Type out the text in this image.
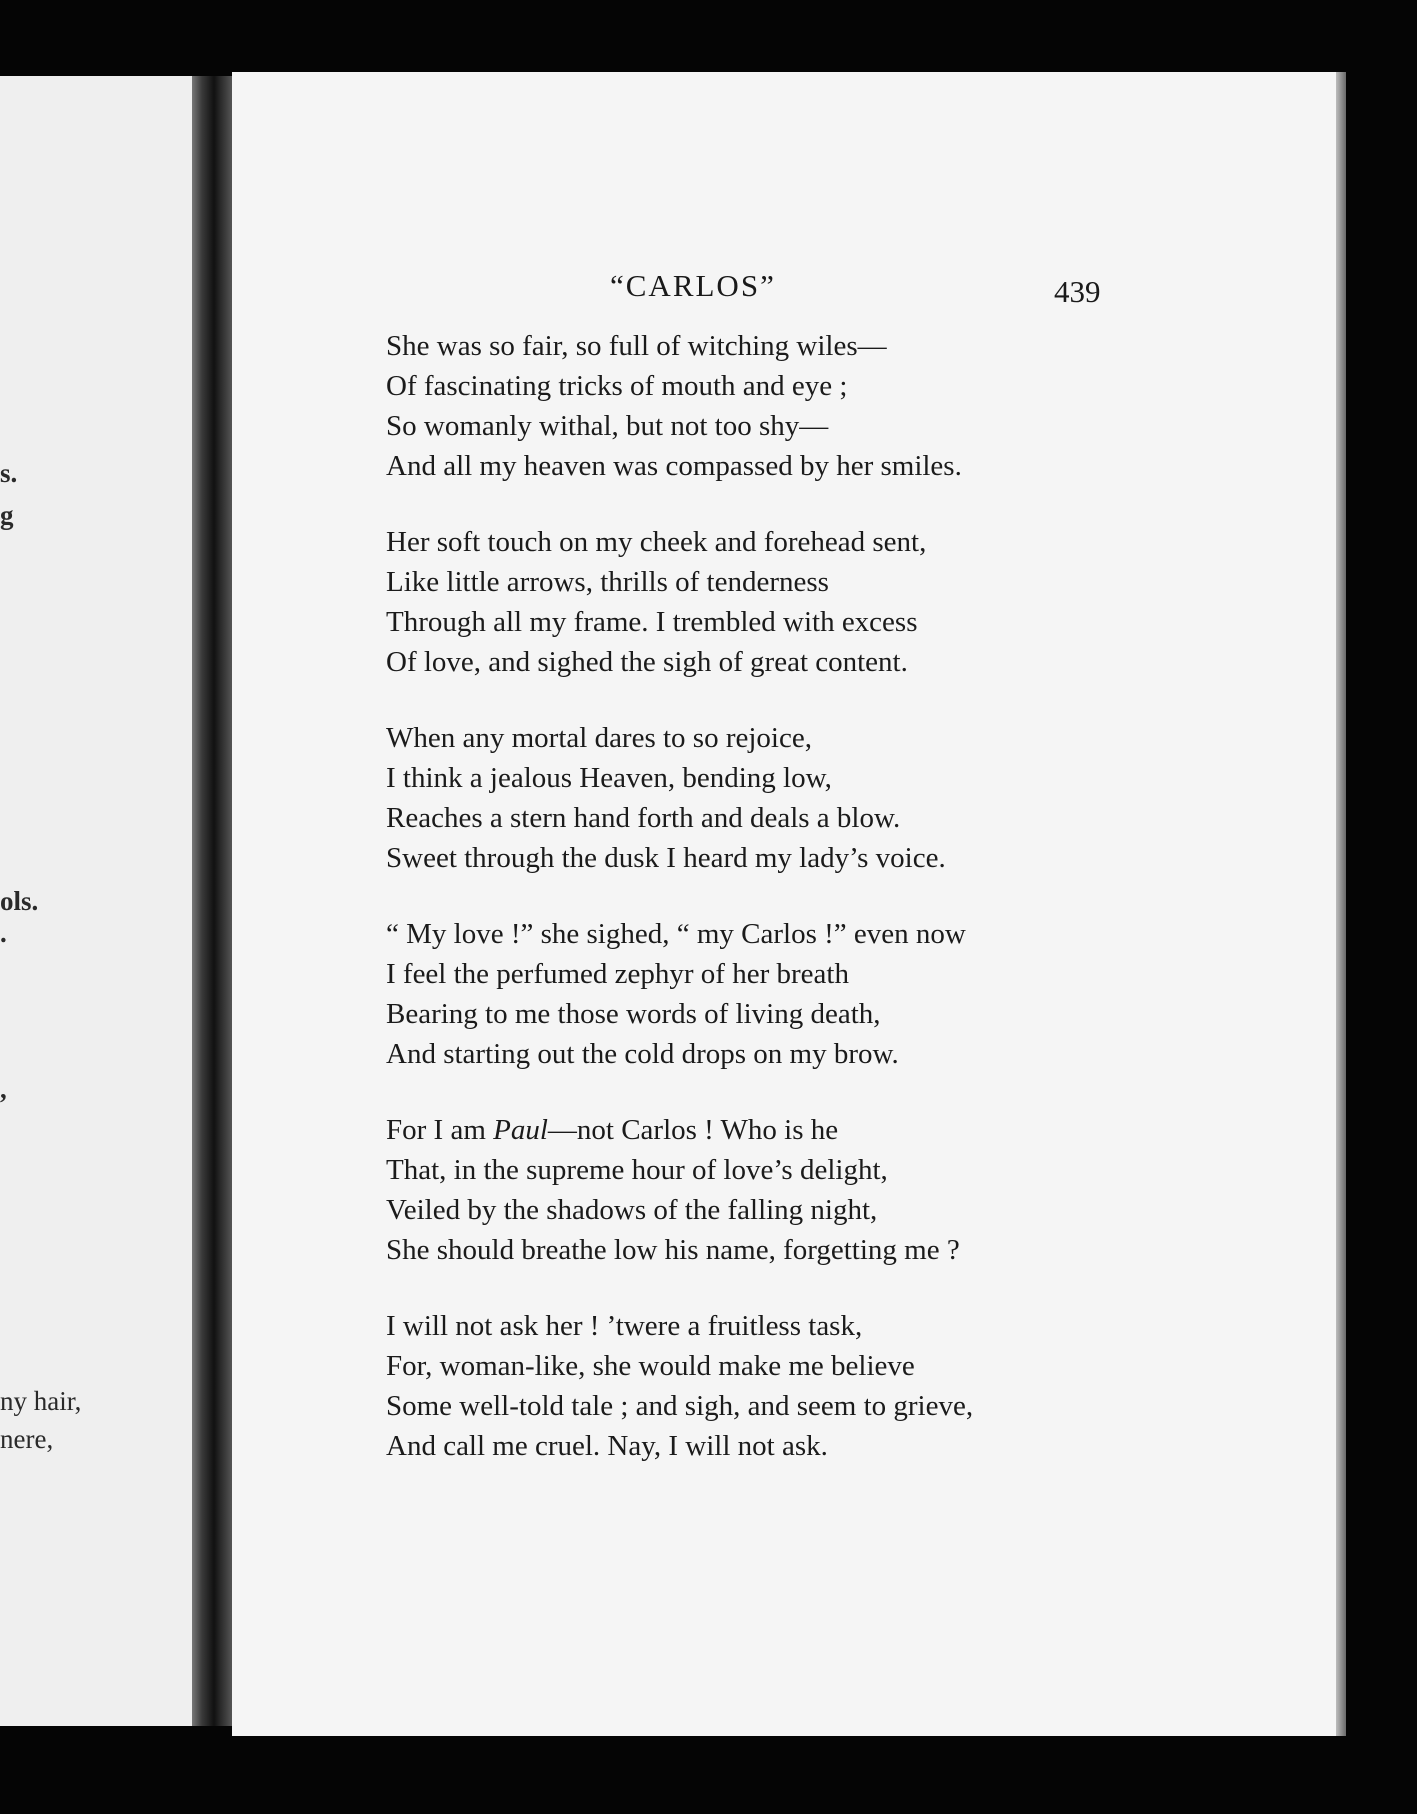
s.
g
ols.
.
,
ny hair,
nere,
“CARLOS”	439
She was so fair, so full of witching wiles—
Of fascinating tricks of mouth and eye ;
So womanly withal, but not too shy—
And all my heaven was compassed by her smiles.
Her soft touch on my cheek and forehead sent,
Like little arrows, thrills of tenderness
Through all my frame. I trembled with excess
Of love, and sighed the sigh of great content.
When any mortal dares to so rejoice,
I think a jealous Heaven, bending low,
Reaches a stern hand forth and deals a blow.
Sweet through the dusk I heard my lady’s voice.
“ My love !” she sighed, “ my Carlos !” even now
I feel the perfumed zephyr of her breath
Bearing to me those words of living death,
And starting out the cold drops on my brow.
For I am Paul—not Carlos ! Who is he
That, in the supreme hour of love’s delight,
Veiled by the shadows of the falling night,
She should breathe low his name, forgetting me ?
I will not ask her ! ’twere a fruitless task,
For, woman-like, she would make me believe
Some well-told tale ; and sigh, and seem to grieve,
And call me cruel. Nay, I will not ask.
